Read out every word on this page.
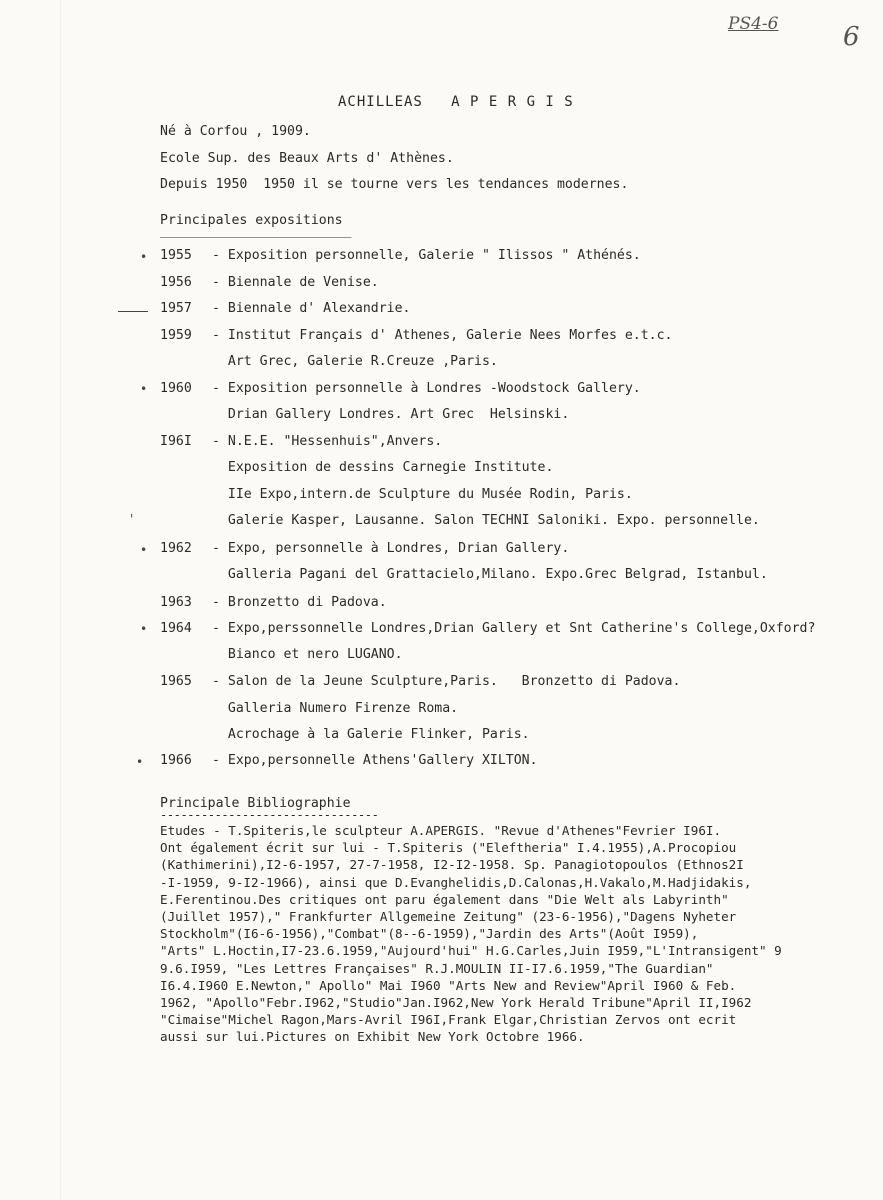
PS4-6 6
ACHILLEAS   A P E R G I S
Né à Corfou , 1909.
Ecole Sup. des Beaux Arts d' Athènes.
Depuis 1950  1950 il se tourne vers les tendances modernes.
Principales expositions
____________________________
•
•
'
•
•
•
1955 - Exposition personnelle, Galerie " Ilissos " Athénés.
1956 - Biennale de Venise.
1957 - Biennale d' Alexandrie.
1959 - Institut Français d' Athenes, Galerie Nees Morfes e.t.c.
Art Grec, Galerie R.Creuze ,Paris.
1960 - Exposition personnelle à Londres -Woodstock Gallery.
Drian Gallery Londres. Art Grec  Helsinski.
I96I - N.E.E. "Hessenhuis",Anvers.
Exposition de dessins Carnegie Institute.
IIe Expo,intern.de Sculpture du Musée Rodin, Paris.
Galerie Kasper, Lausanne. Salon TECHNI Saloniki. Expo. personnelle.
1962 - Expo, personnelle à Londres, Drian Gallery.
Galleria Pagani del Grattacielo,Milano. Expo.Grec Belgrad, Istanbul.
1963 - Bronzetto di Padova.
1964 - Expo,perssonnelle Londres,Drian Gallery et Snt Catherine's College,Oxford?
Bianco et nero LUGANO.
1965 - Salon de la Jeune Sculpture,Paris.   Bronzetto di Padova.
Galleria Numero Firenze Roma.
Acrochage à la Galerie Flinker, Paris.
1966 - Expo,personnelle Athens'Gallery XILTON.
Principale Bibliographie
--------------------------------
Etudes - T.Spiteris,le sculpteur A.APERGIS. "Revue d'Athenes"Fevrier I96I.
Ont également écrit sur lui - T.Spiteris ("Eleftheria" I.4.1955),A.Procopiou
(Kathimerini),I2-6-1957, 27-7-1958, I2-I2-1958. Sp. Panagiotopoulos (Ethnos2I
-I-1959, 9-I2-1966), ainsi que D.Evanghelidis,D.Calonas,H.Vakalo,M.Hadjidakis,
E.Ferentinou.Des critiques ont paru également dans "Die Welt als Labyrinth"
(Juillet 1957)," Frankfurter Allgemeine Zeitung" (23-6-1956),"Dagens Nyheter
Stockholm"(I6-6-1956),"Combat"(8--6-1959),"Jardin des Arts"(Août I959),
"Arts" L.Hoctin,I7-23.6.1959,"Aujourd'hui" H.G.Carles,Juin I959,"L'Intransigent" 9
9.6.I959, "Les Lettres Françaises" R.J.MOULIN II-I7.6.1959,"The Guardian"
I6.4.I960 E.Newton," Apollo" Mai I960 "Arts New and Review"April I960 & Feb.
1962, "Apollo"Febr.I962,"Studio"Jan.I962,New York Herald Tribune"April II,I962
"Cimaise"Michel Ragon,Mars-Avril I96I,Frank Elgar,Christian Zervos ont ecrit
aussi sur lui.Pictures on Exhibit New York Octobre 1966.
